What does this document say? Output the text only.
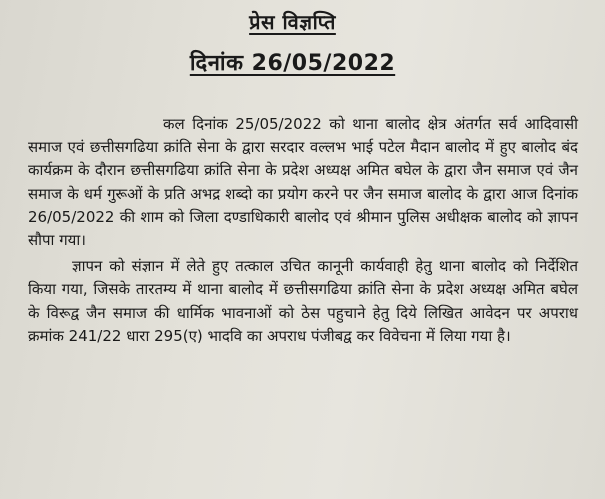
प्रेस विज्ञप्ति
दिनांक 26/05/2022

कल दिनांक 25/05/2022 को थाना बालोद क्षेत्र अंतर्गत सर्व आदिवासी समाज एवं छत्तीसगढिया क्रांति सेना के द्वारा सरदार वल्लभ भाई पटेल मैदान बालोद में हुए बालोद बंद कार्यक्रम के दौरान छत्तीसगढिया क्रांति सेना के प्रदेश अध्यक्ष अमित बघेल के द्वारा जैन समाज एवं जैन समाज के धर्म गुरूओं के प्रति अभद्र शब्दो का प्रयोग करने पर जैन समाज बालोद के द्वारा आज दिनांक 26/05/2022 की शाम को जिला दण्डाधिकारी बालोद एवं श्रीमान पुलिस अधीक्षक बालोद को ज्ञापन सौपा गया।

ज्ञापन को संज्ञान में लेते हुए तत्काल उचित कानूनी कार्यवाही हेतु थाना बालोद को निर्देशित किया गया, जिसके तारतम्य में थाना बालोद में छत्तीसगढिया क्रांति सेना के प्रदेश अध्यक्ष अमित बघेल के विरूद्व जैन समाज की धार्मिक भावनाओं को ठेस पहुचाने हेतु दिये लिखित आवेदन पर अपराध क्रमांक 241/22 धारा 295(ए) भादवि का अपराध पंजीबद्व कर विवेचना में लिया गया है।
